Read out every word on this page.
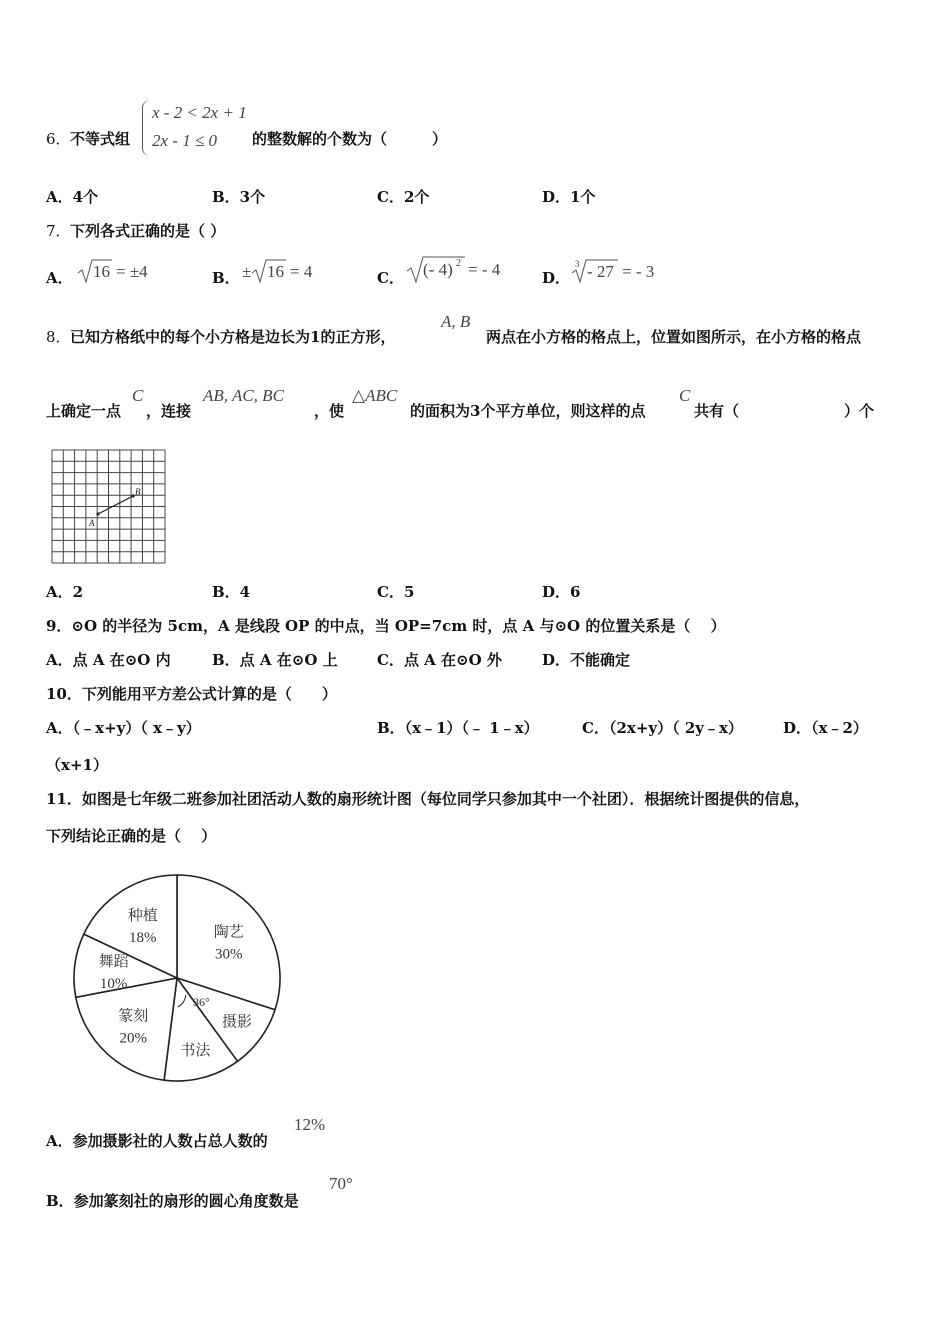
6． 不等式组
x - 2 < 2x + 1
2x - 1 ≤ 0 的整数解的个数为（　　　）
A．4个	B．3个	C．2个	D．1个
7． 下列各式正确的是（ ）
A． 16 = ±4	B． ± 16 = 4	C． (- 4) 2 = - 4	D．
3 - 27 = - 3
8． 已知方格纸中的每个小方格是边长为1的正方形，
A, B
两点在小方格的格点上，位置如图所示，在小方格的格点
上确定一点
C
，连接
AB, AC, BC
，使
△ABC
的面积为3个平方单位，则这样的点
C
共有（　　　　　　　）个
A
B
A．2	B．4	C．5	D．6
9．⊙O 的半径为 5cm，A 是线段 OP 的中点，当 OP=7cm 时，点 A 与⊙O 的位置关系是（　 ）
A．点 A 在⊙O 内	B．点 A 在⊙O 上	C．点 A 在⊙O 外	D．不能确定
10．下列能用平方差公式计算的是（　　）
A．（﹣x+y）（ x﹣y）	B．（x﹣1）（﹣ 1﹣x）	C．（2x+y）（ 2y﹣x）	D．（x﹣2）
（x+1）
11．如图是七年级二班参加社团活动人数的扇形统计图（每位同学只参加其中一个社团）．根据统计图提供的信息，
下列结论正确的是（　 ）
36°
陶艺
30%
摄影
书法
篆刻
20%
舞蹈
10%
种植
18%
A．参加摄影社的人数占总人数的
12%
B．参加篆刻社的扇形的圆心角度数是
70°
